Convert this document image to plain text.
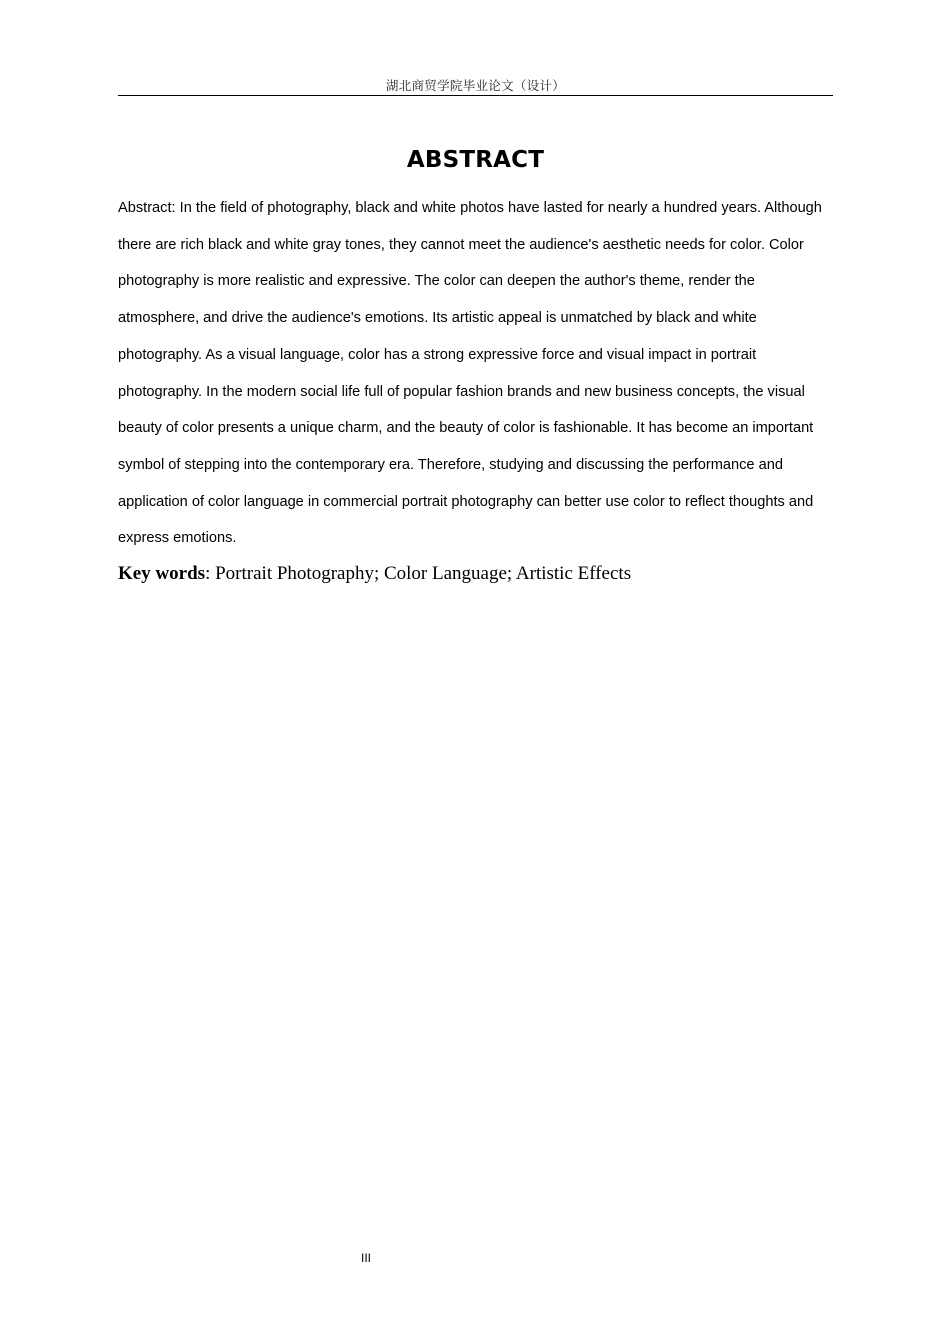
湖北商贸学院毕业论文（设计）
ABSTRACT

Abstract: In the field of photography, black and white photos have lasted for nearly a hundred years. Although there are rich black and white gray tones, they cannot meet the audience's aesthetic needs for color. Color photography is more realistic and expressive. The color can deepen the author's theme, render the atmosphere, and drive the audience's emotions. Its artistic appeal is unmatched by black and white photography. As a visual language, color has a strong expressive force and visual impact in portrait photography. In the modern social life full of popular fashion brands and new business concepts, the visual beauty of color presents a unique charm, and the beauty of color is fashionable. It has become an important symbol of stepping into the contemporary era. Therefore, studying and discussing the performance and application of color language in commercial portrait photography can better use color to reflect thoughts and express emotions.

Key words: Portrait Photography; Color Language; Artistic Effects

III
